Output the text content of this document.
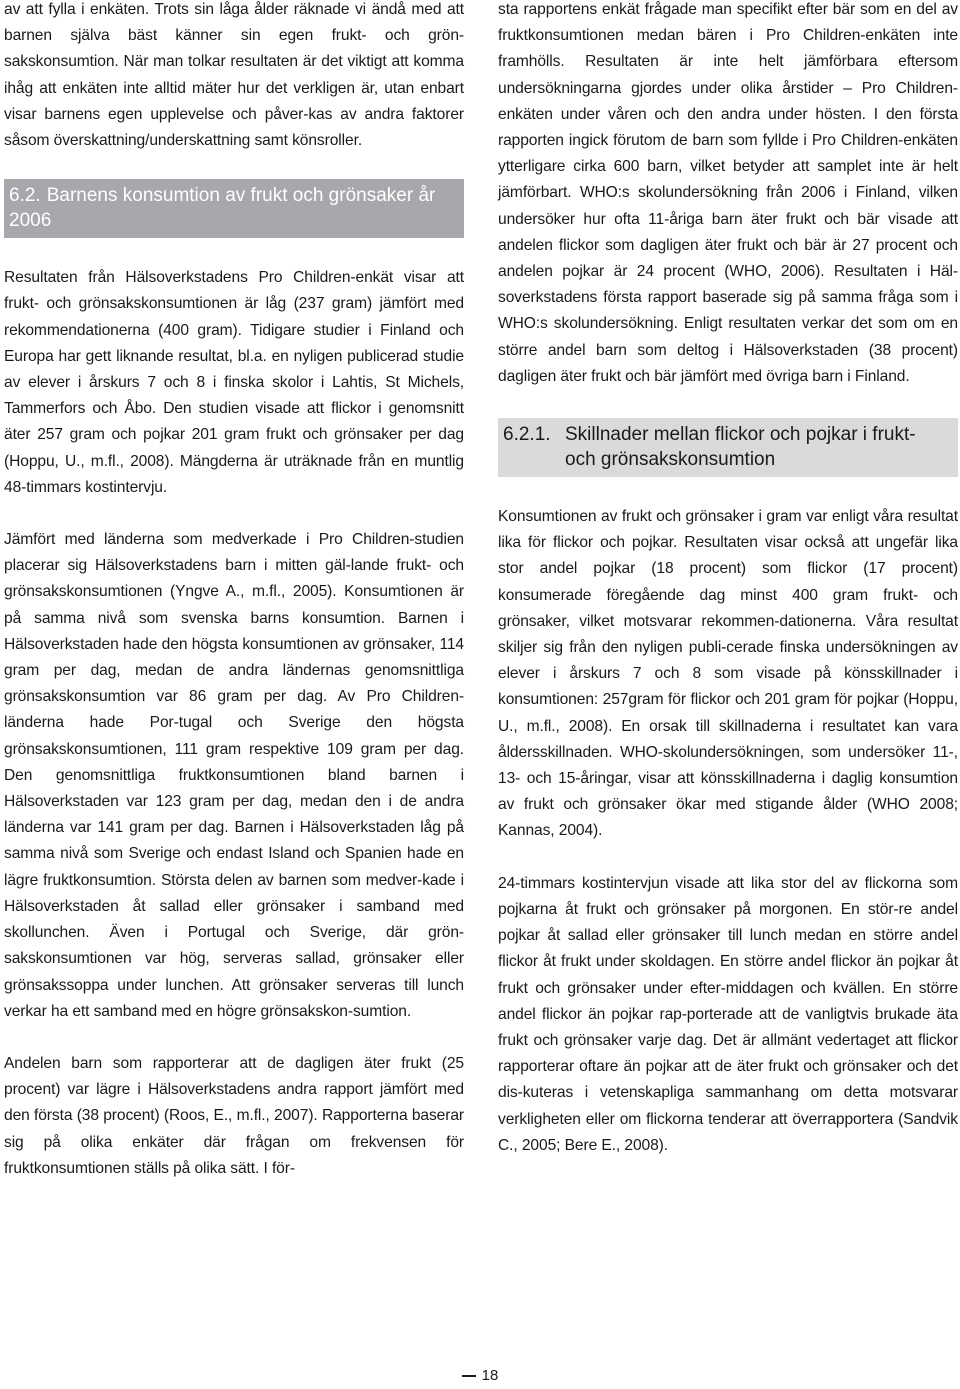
av att fylla i enkäten. Trots sin låga ålder räknade vi ändå med att barnen själva bäst känner sin egen frukt- och grön-sakskonsumtion. När man tolkar resultaten är det viktigt att komma ihåg att enkäten inte alltid mäter hur det verkligen är, utan enbart visar barnens egen upplevelse och påver-kas av andra faktorer såsom överskattning/underskattning samt könsroller.

6.2. Barnens konsumtion av frukt och grönsaker år 2006

Resultaten från Hälsoverkstadens Pro Children-enkät visar att frukt- och grönsakskonsumtionen är låg (237 gram) jämfört med rekommendationerna (400 gram). Tidigare studier i Finland och Europa har gett liknande resultat, bl.a. en nyligen publicerad studie av elever i årskurs 7 och 8 i finska skolor i Lahtis, St Michels, Tammerfors och Åbo. Den studien visade att flickor i genomsnitt äter 257 gram och pojkar 201 gram frukt och grönsaker per dag (Hoppu, U., m.fl., 2008). Mängderna är uträknade från en muntlig 48-timmars kostintervju.

Jämfört med länderna som medverkade i Pro Children-studien placerar sig Hälsoverkstadens barn i mitten gäl-lande frukt- och grönsakskonsumtionen (Yngve A., m.fl., 2005). Konsumtionen är på samma nivå som svenska barns konsumtion. Barnen i Hälsoverkstaden hade den högsta konsumtionen av grönsaker, 114 gram per dag, medan de andra ländernas genomsnittliga grönsakskonsumtion var 86 gram per dag. Av Pro Children-länderna hade Por-tugal och Sverige den högsta grönsakskonsumtionen, 111 gram respektive 109 gram per dag. Den genomsnittliga fruktkonsumtionen bland barnen i Hälsoverkstaden var 123 gram per dag, medan den i de andra länderna var 141 gram per dag. Barnen i Hälsoverkstaden låg på samma nivå som Sverige och endast Island och Spanien hade en lägre fruktkonsumtion. Största delen av barnen som medver-kade i Hälsoverkstaden åt sallad eller grönsaker i samband med skollunchen. Även i Portugal och Sverige, där grön-sakskonsumtionen var hög, serveras sallad, grönsaker eller grönsakssoppa under lunchen. Att grönsaker serveras till lunch verkar ha ett samband med en högre grönsakskon-sumtion.

Andelen barn som rapporterar att de dagligen äter frukt (25 procent) var lägre i Hälsoverkstadens andra rapport jämfört med den första (38 procent) (Roos, E., m.fl., 2007). Rapporterna baserar sig på olika enkäter där frågan om frekvensen för fruktkonsumtionen ställs på olika sätt. I för-

sta rapportens enkät frågade man specifikt efter bär som en del av fruktkonsumtionen medan bären i Pro Children-enkäten inte framhölls. Resultaten är inte helt jämförbara eftersom undersökningarna gjordes under olika årstider – Pro Children-enkäten under våren och den andra under hösten. I den första rapporten ingick förutom de barn som fyllde i Pro Children-enkäten ytterligare cirka 600 barn, vilket betyder att samplet inte är helt jämförbart. WHO:s skolundersökning från 2006 i Finland, vilken undersöker hur ofta 11-åriga barn äter frukt och bär visade att andelen flickor som dagligen äter frukt och bär är 27 procent och andelen pojkar är 24 procent (WHO, 2006). Resultaten i Häl-soverkstadens första rapport baserade sig på samma fråga som i WHO:s skolundersökning. Enligt resultaten verkar det som om en större andel barn som deltog i Hälsoverkstaden (38 procent) dagligen äter frukt och bär jämfört med övriga barn i Finland.

6.2.1. Skillnader mellan flickor och pojkar i frukt- och grönsakskonsumtion

Konsumtionen av frukt och grönsaker i gram var enligt våra resultat lika för flickor och pojkar. Resultaten visar också att ungefär lika stor andel pojkar (18 procent) som flickor (17 procent) konsumerade föregående dag minst 400 gram frukt- och grönsaker, vilket motsvarar rekommen-dationerna. Våra resultat skiljer sig från den nyligen publi-cerade finska undersökningen av elever i årskurs 7 och 8 som visade på könsskillnader i konsumtionen: 257gram för flickor och 201 gram för pojkar (Hoppu, U., m.fl., 2008). En orsak till skillnaderna i resultatet kan vara åldersskillnaden. WHO-skolundersökningen, som undersöker 11-, 13- och 15-åringar, visar att könsskillnaderna i daglig konsumtion av frukt och grönsaker ökar med stigande ålder (WHO 2008; Kannas, 2004).

24-timmars kostintervjun visade att lika stor del av flickorna som pojkarna åt frukt och grönsaker på morgonen. En stör-re andel pojkar åt sallad eller grönsaker till lunch medan en större andel flickor åt frukt under skoldagen. En större andel flickor än pojkar åt frukt och grönsaker under efter-middagen och kvällen. En större andel flickor än pojkar rap-porterade att de vanligtvis brukade äta frukt och grönsaker varje dag. Det är allmänt vedertaget att flickor rapporterar oftare än pojkar att de äter frukt och grönsaker och det dis-kuteras i vetenskapliga sammanhang om detta motsvarar verkligheten eller om flickorna tenderar att överrapportera (Sandvik C., 2005; Bere E., 2008).

18
